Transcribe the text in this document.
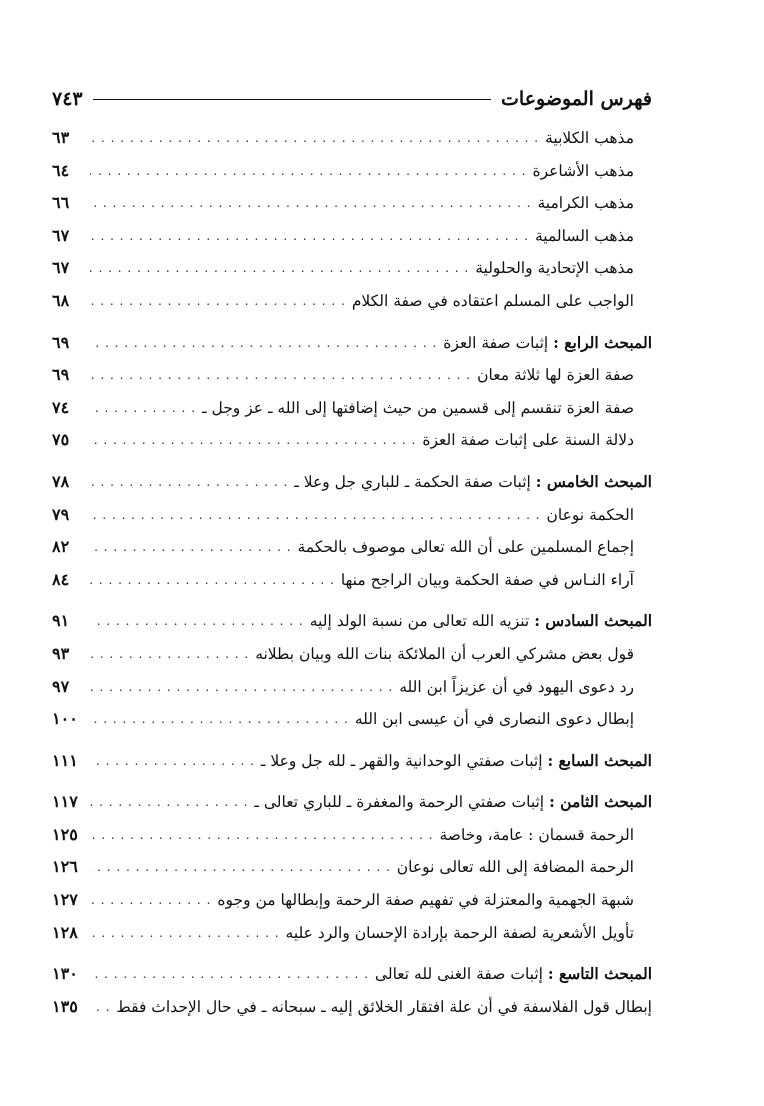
فهرس الموضوعات
٧٤٣
مذهب الكلابية
. . .
٦٣
مذهب الأشاعرة
. . .
٦٤
مذهب الكرامية
. . .
٦٦
مذهب السالمية
. . .
٦٧
مذهب الإتحادية والحلولية
. . .
٦٧
الواجب على المسلم اعتقاده في صفة الكلام
. . .
٦٨
المبحث الرابع : إثبات صفة العزة
. . .
٦٩
صفة العزة لها ثلاثة معان
. . .
٦٩
صفة العزة تنقسم إلى قسمين من حيث إضافتها إلى الله ـ عز وجل ـ
. . .
٧٤
دلالة السنة على إثبات صفة العزة
. . .
٧٥
المبحث الخامس : إثبات صفة الحكمة ـ للباري جل وعلا ـ
. . .
٧٨
الحكمة نوعان
. . .
٧٩
إجماع المسلمين على أن الله تعالى موصوف بالحكمة
. . .
٨٢
آراء النـاس في صفة الحكمة وبيان الراجح منها
. . .
٨٤
المبحث السادس : تنزيه الله تعالى من نسبة الولد إليه
. . .
٩١
قول بعض مشركي العرب أن الملائكة بنات الله وبيان بطلانه
. . .
٩٣
رد دعوى اليهود في أن عزيزاً ابن الله
. . .
٩٧
إبطال دعوى النصارى في أن عيسى ابن الله
. . .
١٠٠
المبحث السابع : إثبات صفتي الوحدانية والقهر ـ لله جل وعلا ـ
. . .
١١١
المبحث الثامن : إثبات صفتي الرحمة والمغفرة ـ للباري تعالى ـ
. . .
١١٧
الرحمة قسمان : عامة، وخاصة
. . .
١٢٥
الرحمة المضافة إلى الله تعالى نوعان
. . .
١٢٦
شبهة الجهمية والمعتزلة في تفهيم صفة الرحمة وإبطالها من وجوه
. . .
١٢٧
تأويل الأشعرية لصفة الرحمة بإرادة الإحسان والرد عليه
. . .
١٢٨
المبحث التاسع : إثبات صفة الغنى لله تعالى
. . .
١٣٠
إبطال قول الفلاسفة في أن علة افتقار الخلائق إليه ـ سبحانه ـ في حال الإحداث فقط
. . .
١٣٥
